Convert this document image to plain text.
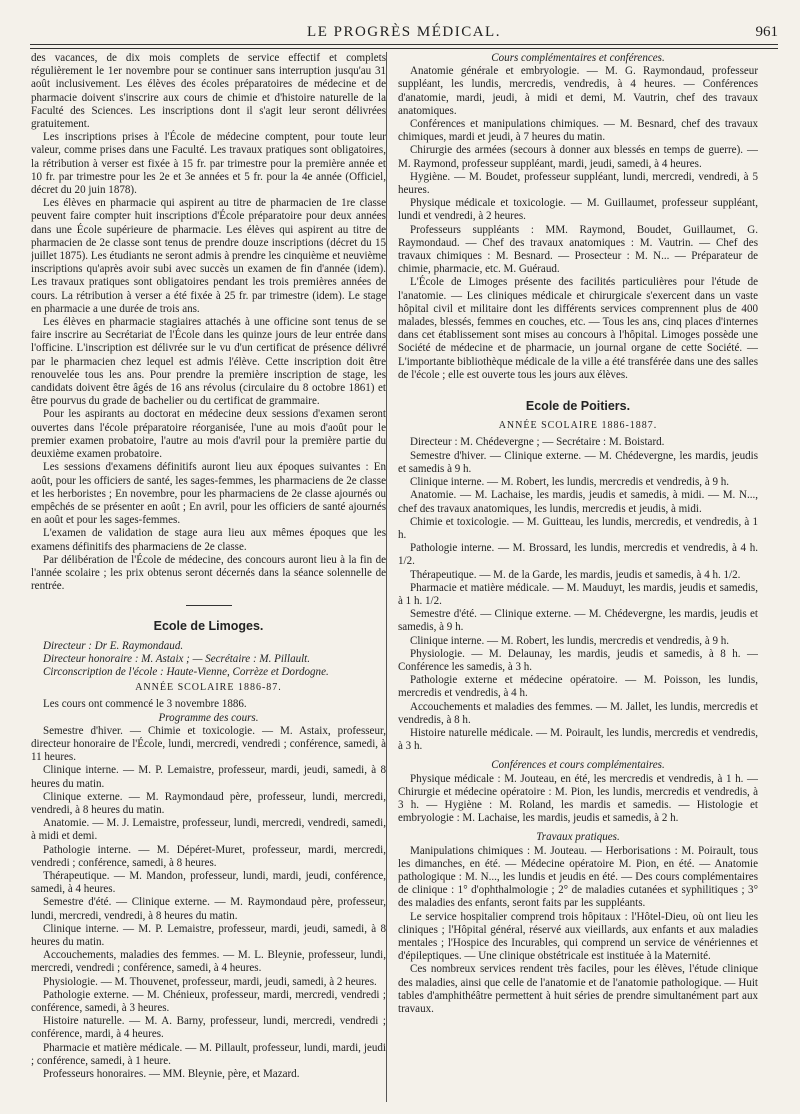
LE PROGRÈS MÉDICAL.	961

des vacances, de dix mois complets de service effectif et complets régulièrement le 1er novembre pour se continuer sans interruption jusqu'au 31 août inclusivement. Les élèves des écoles préparatoires de médecine et de pharmacie doivent s'inscrire aux cours de chimie et d'histoire naturelle de la Faculté des Sciences. Les inscriptions dont il s'agit leur seront délivrées gratuitement.

Les inscriptions prises à l'École de médecine comptent, pour toute leur valeur, comme prises dans une Faculté. Les travaux pratiques sont obligatoires, la rétribution à verser est fixée à 15 fr. par trimestre pour la première année et 10 fr. par trimestre pour les 2e et 3e années et 5 fr. pour la 4e année (Officiel, décret du 20 juin 1878).

Les élèves en pharmacie qui aspirent au titre de pharmacien de 1re classe peuvent faire compter huit inscriptions d'École préparatoire pour deux années dans une École supérieure de pharmacie. Les élèves qui aspirent au titre de pharmacien de 2e classe sont tenus de prendre douze inscriptions (décret du 15 juillet 1875). Les étudiants ne seront admis à prendre les cinquième et neuvième inscriptions qu'après avoir subi avec succès un examen de fin d'année (idem). Les travaux pratiques sont obligatoires pendant les trois premières années de cours. La rétribution à verser a été fixée à 25 fr. par trimestre (idem). Le stage en pharmacie a une durée de trois ans.

Les élèves en pharmacie stagiaires attachés à une officine sont tenus de se faire inscrire au Secrétariat de l'École dans les quinze jours de leur entrée dans l'officine. L'inscription est délivrée sur le vu d'un certificat de présence délivré par le pharmacien chez lequel est admis l'élève. Cette inscription doit être renouvelée tous les ans. Pour prendre la première inscription de stage, les candidats doivent être âgés de 16 ans révolus (circulaire du 8 octobre 1861) et être pourvus du grade de bachelier ou du certificat de grammaire.

Pour les aspirants au doctorat en médecine deux sessions d'examen seront ouvertes dans l'école préparatoire réorganisée, l'une au mois d'août pour le premier examen probatoire, l'autre au mois d'avril pour la première partie du deuxième examen probatoire.

Les sessions d'examens définitifs auront lieu aux époques suivantes : En août, pour les officiers de santé, les sages-femmes, les pharmaciens de 2e classe et les herboristes ; En novembre, pour les pharmaciens de 2e classe ajournés ou empêchés de se présenter en août ; En avril, pour les officiers de santé ajournés en août et pour les sages-femmes.

L'examen de validation de stage aura lieu aux mêmes époques que les examens définitifs des pharmaciens de 2e classe.

Par délibération de l'École de médecine, des concours auront lieu à la fin de l'année scolaire ; les prix obtenus seront décernés dans la séance solennelle de rentrée.

Ecole de Limoges.

Directeur : Dr E. Raymondaud.

Directeur honoraire : M. Astaix ; — Secrétaire : M. Pillault.

Circonscription de l'école : Haute-Vienne, Corrèze et Dordogne.

ANNÉE SCOLAIRE 1886-87.

Les cours ont commencé le 3 novembre 1886.

Programme des cours.

Semestre d'hiver. — Chimie et toxicologie. — M. Astaix, professeur, directeur honoraire de l'École, lundi, mercredi, vendredi ; conférence, samedi, à 11 heures.

Clinique interne. — M. P. Lemaistre, professeur, mardi, jeudi, samedi, à 8 heures du matin.

Clinique externe. — M. Raymondaud père, professeur, lundi, mercredi, vendredi, à 8 heures du matin.

Anatomie. — M. J. Lemaistre, professeur, lundi, mercredi, vendredi, samedi, à midi et demi.

Pathologie interne. — M. Dépéret-Muret, professeur, mardi, mercredi, vendredi ; conférence, samedi, à 8 heures.

Thérapeutique. — M. Mandon, professeur, lundi, mardi, jeudi, conférence, samedi, à 4 heures.

Semestre d'été. — Clinique externe. — M. Raymondaud père, professeur, lundi, mercredi, vendredi, à 8 heures du matin.

Clinique interne. — M. P. Lemaistre, professeur, mardi, jeudi, samedi, à 8 heures du matin.

Accouchements, maladies des femmes. — M. L. Bleynie, professeur, lundi, mercredi, vendredi ; conférence, samedi, à 4 heures.

Physiologie. — M. Thouvenet, professeur, mardi, jeudi, samedi, à 2 heures.

Pathologie externe. — M. Chénieux, professeur, mardi, mercredi, vendredi ; conférence, samedi, à 3 heures.

Histoire naturelle. — M. A. Barny, professeur, lundi, mercredi, vendredi ; conférence, mardi, à 4 heures.

Pharmacie et matière médicale. — M. Pillault, professeur, lundi, mardi, jeudi ; conférence, samedi, à 1 heure.

Professeurs honoraires. — MM. Bleynie, père, et Mazard.

Cours complémentaires et conférences.

Anatomie générale et embryologie. — M. G. Raymondaud, professeur suppléant, les lundis, mercredis, vendredis, à 4 heures. — Conférences d'anatomie, mardi, jeudi, à midi et demi, M. Vautrin, chef des travaux anatomiques.

Conférences et manipulations chimiques. — M. Besnard, chef des travaux chimiques, mardi et jeudi, à 7 heures du matin.

Chirurgie des armées (secours à donner aux blessés en temps de guerre). — M. Raymond, professeur suppléant, mardi, jeudi, samedi, à 4 heures.

Hygiène. — M. Boudet, professeur suppléant, lundi, mercredi, vendredi, à 5 heures.

Physique médicale et toxicologie. — M. Guillaumet, professeur suppléant, lundi et vendredi, à 2 heures.

Professeurs suppléants : MM. Raymond, Boudet, Guillaumet, G. Raymondaud. — Chef des travaux anatomiques : M. Vautrin. — Chef des travaux chimiques : M. Besnard. — Prosecteur : M. N... — Préparateur de chimie, pharmacie, etc. M. Guéraud.

L'École de Limoges présente des facilités particulières pour l'étude de l'anatomie. — Les cliniques médicale et chirurgicale s'exercent dans un vaste hôpital civil et militaire dont les différents services comprennent plus de 400 malades, blessés, femmes en couches, etc. — Tous les ans, cinq places d'internes dans cet établissement sont mises au concours à l'hôpital. Limoges possède une Société de médecine et de pharmacie, un journal organe de cette Société. — L'importante bibliothèque médicale de la ville a été transférée dans une des salles de l'école ; elle est ouverte tous les jours aux élèves.

Ecole de Poitiers.
ANNÉE SCOLAIRE 1886-1887.

Directeur : M. Chédevergne ; — Secrétaire : M. Boistard.

Semestre d'hiver. — Clinique externe. — M. Chédevergne, les mardis, jeudis et samedis à 9 h.

Clinique interne. — M. Robert, les lundis, mercredis et vendredis, à 9 h.

Anatomie. — M. Lachaise, les mardis, jeudis et samedis, à midi. — M. N..., chef des travaux anatomiques, les lundis, mercredis et jeudis, à midi.

Chimie et toxicologie. — M. Guitteau, les lundis, mercredis, et vendredis, à 1 h.

Pathologie interne. — M. Brossard, les lundis, mercredis et vendredis, à 4 h. 1/2.

Thérapeutique. — M. de la Garde, les mardis, jeudis et samedis, à 4 h. 1/2.

Pharmacie et matière médicale. — M. Mauduyt, les mardis, jeudis et samedis, à 1 h. 1/2.

Semestre d'été. — Clinique externe. — M. Chédevergne, les mardis, jeudis et samedis, à 9 h.

Clinique interne. — M. Robert, les lundis, mercredis et vendredis, à 9 h.

Physiologie. — M. Delaunay, les mardis, jeudis et samedis, à 8 h. — Conférence les samedis, à 3 h.

Pathologie externe et médecine opératoire. — M. Poisson, les lundis, mercredis et vendredis, à 4 h.

Accouchements et maladies des femmes. — M. Jallet, les lundis, mercredis et vendredis, à 8 h.

Histoire naturelle médicale. — M. Poirault, les lundis, mercredis et vendredis, à 3 h.

Conférences et cours complémentaires.

Physique médicale : M. Jouteau, en été, les mercredis et vendredis, à 1 h. — Chirurgie et médecine opératoire : M. Pion, les lundis, mercredis et vendredis, à 3 h. — Hygiène : M. Roland, les mardis et samedis. — Histologie et embryologie : M. Lachaise, les mardis, jeudis et samedis, à 2 h.

Travaux pratiques.

Manipulations chimiques : M. Jouteau. — Herborisations : M. Poirault, tous les dimanches, en été. — Médecine opératoire M. Pion, en été. — Anatomie pathologique : M. N..., les lundis et jeudis en été. — Des cours complémentaires de clinique : 1° d'ophthalmologie ; 2° de maladies cutanées et syphilitiques ; 3° des maladies des enfants, seront faits par les suppléants.

Le service hospitalier comprend trois hôpitaux : l'Hôtel-Dieu, où ont lieu les cliniques ; l'Hôpital général, réservé aux vieillards, aux enfants et aux maladies mentales ; l'Hospice des Incurables, qui comprend un service de vénériennes et d'épileptiques. — Une clinique obstétricale est instituée à la Maternité.

Ces nombreux services rendent très faciles, pour les élèves, l'étude clinique des maladies, ainsi que celle de l'anatomie et de l'anatomie pathologique. — Huit tables d'amphithéâtre permettent à huit séries de prendre simultanément part aux travaux.
